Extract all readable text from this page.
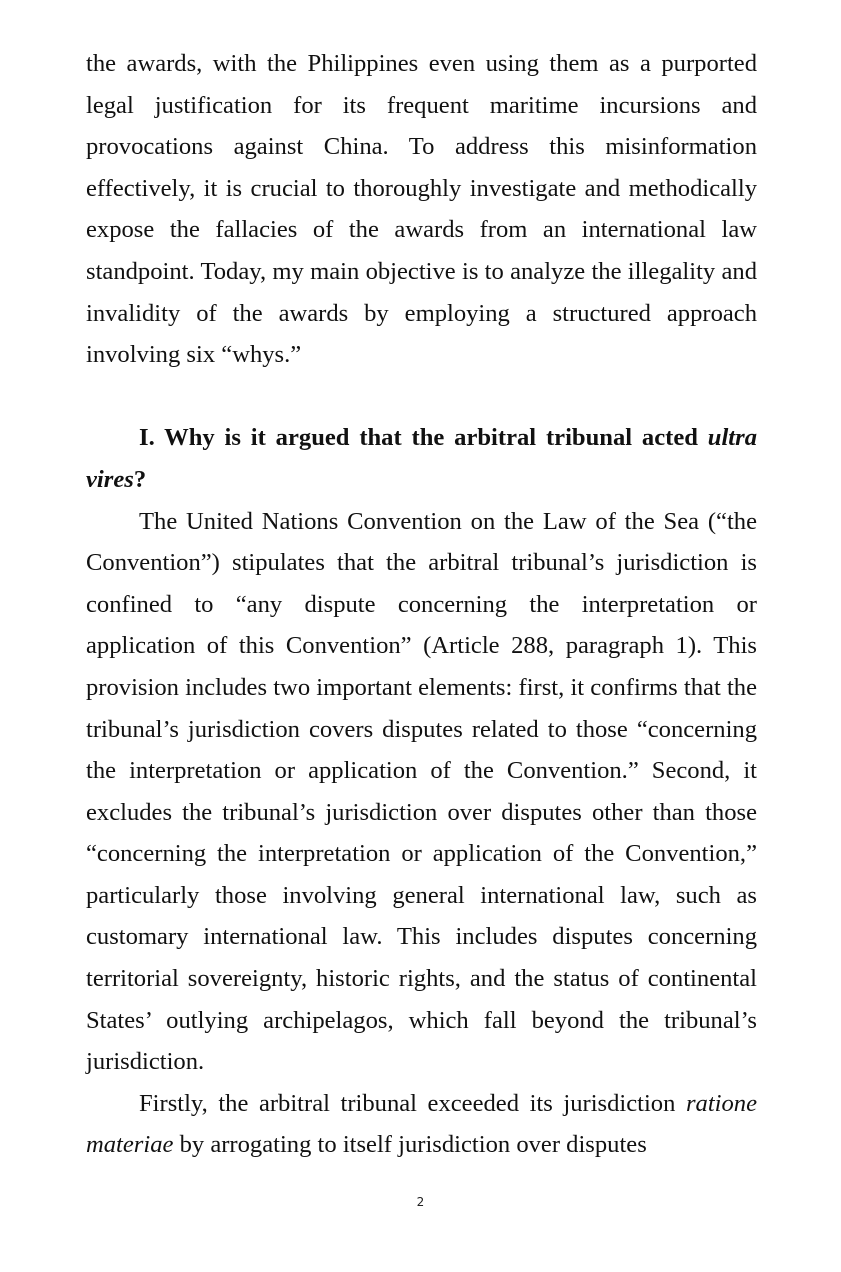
the awards, with the Philippines even using them as a purported legal justification for its frequent maritime incursions and provocations against China. To address this misinformation effectively, it is crucial to thoroughly investigate and methodically expose the fallacies of the awards from an international law standpoint. Today, my main objective is to analyze the illegality and invalidity of the awards by employing a structured approach involving six “whys.”

I. Why is it argued that the arbitral tribunal acted ultra vires?

The United Nations Convention on the Law of the Sea (“the Convention”) stipulates that the arbitral tribunal’s jurisdiction is confined to “any dispute concerning the interpretation or application of this Convention” (Article 288, paragraph 1). This provision includes two important elements: first, it confirms that the tribunal’s jurisdiction covers disputes related to those “concerning the interpretation or application of the Convention.” Second, it excludes the tribunal’s jurisdiction over disputes other than those “concerning the interpretation or application of the Convention,” particularly those involving general international law, such as customary international law. This includes disputes concerning territorial sovereignty, historic rights, and the status of continental States’ outlying archipelagos, which fall beyond the tribunal’s jurisdiction.

Firstly, the arbitral tribunal exceeded its jurisdiction ratione materiae by arrogating to itself jurisdiction over disputes

2
